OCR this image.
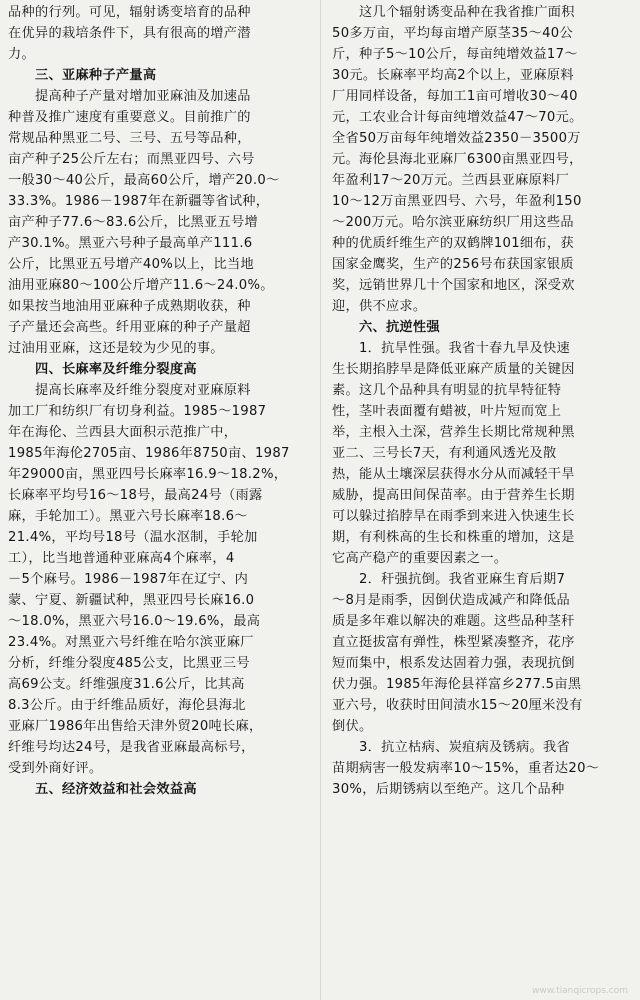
品种的行列。可见，辐射诱变培育的品种
在优异的栽培条件下，具有很高的增产潜
力。
　　三、亚麻种子产量高
　　提高种子产量对增加亚麻油及加速品
种普及推广速度有重要意义。目前推广的
常规品种黑亚二号、三号、五号等品种，
亩产种子25公斤左右；而黑亚四号、六号
一般30～40公斤，最高60公斤，增产20.0～
33.3%。1986－1987年在新疆等省试种，
亩产种子77.6～83.6公斤，比黑亚五号增
产30.1%。黑亚六号种子最高单产111.6
公斤，比黑亚五号增产40%以上，比当地
油用亚麻80～100公斤增产11.6～24.0%。
如果按当地油用亚麻种子成熟期收获，种
子产量还会高些。纤用亚麻的种子产量超
过油用亚麻，这还是较为少见的事。
　　四、长麻率及纤维分裂度高
　　提高长麻率及纤维分裂度对亚麻原料
加工厂和纺织厂有切身利益。1985～1987
年在海伦、兰西县大面积示范推广中，
1985年海伦2705亩、1986年8750亩、1987
年29000亩，黑亚四号长麻率16.9～18.2%，
长麻率平均号16～18号，最高24号（雨露
麻，手轮加工）。黑亚六号长麻率18.6～
21.4%，平均号18号（温水沤制，手轮加
工），比当地普通种亚麻高4个麻率，4
－5个麻号。1986－1987年在辽宁、内
蒙、宁夏、新疆试种，黑亚四号长麻16.0
～18.0%，黑亚六号16.0～19.6%，最高
23.4%。对黑亚六号纤维在哈尔滨亚麻厂
分析，纤维分裂度485公支，比黑亚三号
高69公支。纤维强度31.6公斤，比其高
8.3公斤。由于纤维品质好，海伦县海北
亚麻厂1986年出售给天津外贸20吨长麻，
纤维号均达24号，是我省亚麻最高标号，
受到外商好评。
　　五、经济效益和社会效益高
　　这几个辐射诱变品种在我省推广面积
50多万亩，平均每亩增产原茎35～40公
斤，种子5～10公斤，每亩纯增效益17～
30元。长麻率平均高2个以上，亚麻原料
厂用同样设备，每加工1亩可增收30～40
元，工农业合计每亩纯增效益47～70元。
全省50万亩每年纯增效益2350－3500万
元。海伦县海北亚麻厂6300亩黑亚四号，
年盈利17～20万元。兰西县亚麻原料厂
10～12万亩黑亚四号、六号，年盈利150
～200万元。哈尔滨亚麻纺织厂用这些品
种的优质纤维生产的双鹤牌101细布，获
国家金鹰奖，生产的256号布获国家银质
奖，远销世界几十个国家和地区，深受欢
迎，供不应求。
　　六、抗逆性强
　　1．抗旱性强。我省十春九旱及快速
生长期掐脖旱是降低亚麻产质量的关键因
素。这几个品种具有明显的抗旱特征特
性，茎叶表面覆有蜡被，叶片短而宽上
举，主根入土深，营养生长期比常规种黑
亚二、三号长7天，有利通风透光及散
热，能从土壤深层获得水分从而减轻干旱
威胁，提高田间保苗率。由于营养生长期
可以躲过掐脖旱在雨季到来进入快速生长
期，有利株高的生长和株重的增加，这是
它高产稳产的重要因素之一。
　　2．秆强抗倒。我省亚麻生育后期7
～8月是雨季，因倒伏造成减产和降低品
质是多年难以解决的难题。这些品种茎秆
直立挺拔富有弹性，株型紧凑整齐，花序
短而集中，根系发达固着力强，表现抗倒
伏力强。1985年海伦县祥富乡277.5亩黑
亚六号，收获时田间渍水15～20厘米没有
倒伏。
　　3．抗立枯病、炭疽病及锈病。我省
苗期病害一般发病率10～15%，重者达20～
30%，后期锈病以至绝产。这几个品种
www.tianqicrops.com
